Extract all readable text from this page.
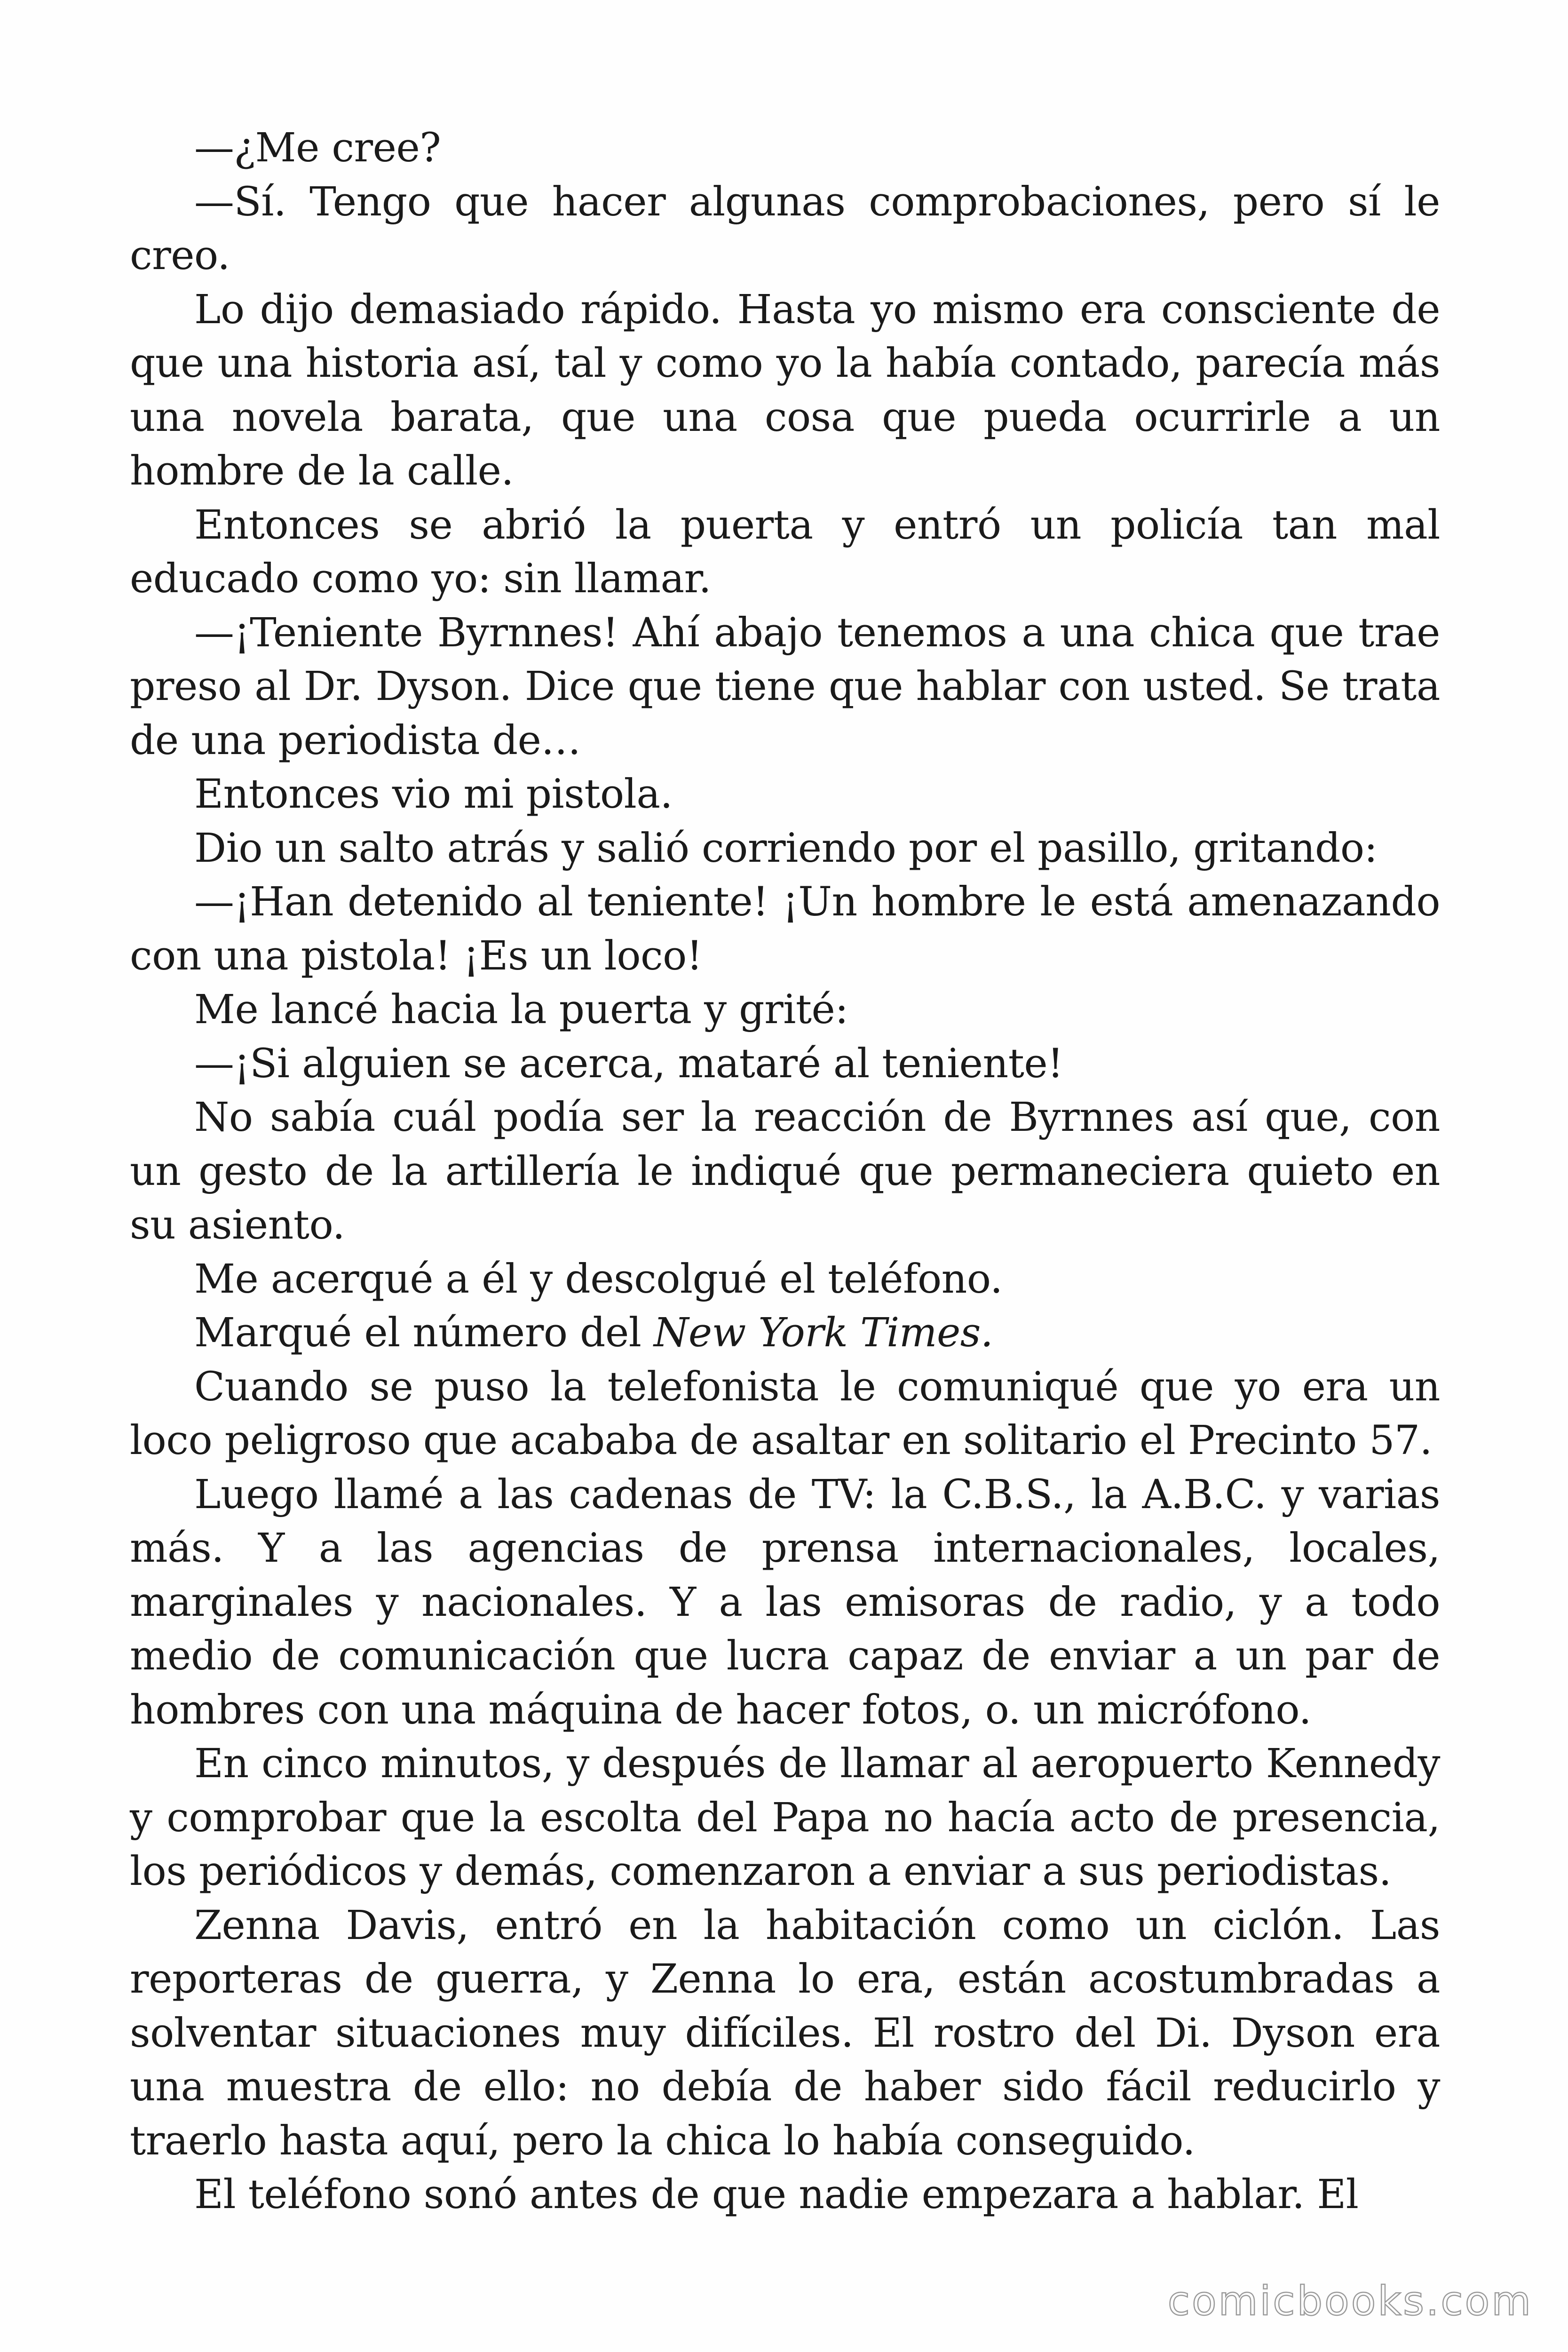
—¿Me cree?

—Sí. Tengo que hacer algunas comprobaciones, pero sí le creo.

Lo dijo demasiado rápido. Hasta yo mismo era consciente de que una historia así, tal y como yo la había contado, parecía más una novela barata, que una cosa que pueda ocurrirle a un hombre de la calle.

Entonces se abrió la puerta y entró un policía tan mal educado como yo: sin llamar.

—¡Teniente Byrnnes! Ahí abajo tenemos a una chica que trae preso al Dr. Dyson. Dice que tiene que hablar con usted. Se trata de una periodista de…

Entonces vio mi pistola.

Dio un salto atrás y salió corriendo por el pasillo, gritando:

—¡Han detenido al teniente! ¡Un hombre le está amenazando con una pistola! ¡Es un loco!

Me lancé hacia la puerta y grité:

—¡Si alguien se acerca, mataré al teniente!

No sabía cuál podía ser la reacción de Byrnnes así que, con un gesto de la artillería le indiqué que permaneciera quieto en su asiento.

Me acerqué a él y descolgué el teléfono.

Marqué el número del New York Times.

Cuando se puso la telefonista le comuniqué que yo era un loco peligroso que acababa de asaltar en solitario el Precinto 57.

Luego llamé a las cadenas de TV: la C.B.S., la A.B.C. y varias más. Y a las agencias de prensa internacionales, locales, marginales y nacionales. Y a las emisoras de radio, y a todo medio de comunicación que lucra capaz de enviar a un par de hombres con una máquina de hacer fotos, o. un micrófono.

En cinco minutos, y después de llamar al aeropuerto Kennedy y comprobar que la escolta del Papa no hacía acto de presencia, los periódicos y demás, comenzaron a enviar a sus periodistas.

Zenna Davis, entró en la habitación como un ciclón. Las reporteras de guerra, y Zenna lo era, están acostumbradas a solventar situaciones muy difíciles. El rostro del Di. Dyson era una muestra de ello: no debía de haber sido fácil reducirlo y traerlo hasta aquí, pero la chica lo había conseguido.

El teléfono sonó antes de que nadie empezara a hablar. El

comicbooks.com
